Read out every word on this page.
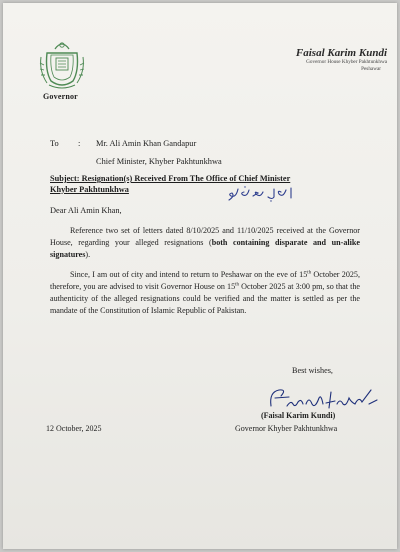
Governor
Faisal Karim Kundi
Governor House Khyber Pakhtunkhwa
Peshawar
To : Mr. Ali Amin Khan Gandapur
Chief Minister, Khyber Pakhtunkhwa
Subject: Resignation(s) Received From The Office of Chief Minister Khyber Pakhtunkhwa
Dear Ali Amin Khan,
Reference two set of letters dated 8/10/2025 and 11/10/2025 received at the Governor House, regarding your alleged resignations (both containing disparate and un-alike signatures).
Since, I am out of city and intend to return to Peshawar on the eve of 15th October 2025, therefore, you are advised to visit Governor House on 15th October 2025 at 3:00 pm, so that the authenticity of the alleged resignations could be verified and the matter is settled as per the mandate of the Constitution of Islamic Republic of Pakistan.
Best wishes,
(Faisal Karim Kundi)
Governor Khyber Pakhtunkhwa
12 October, 2025
